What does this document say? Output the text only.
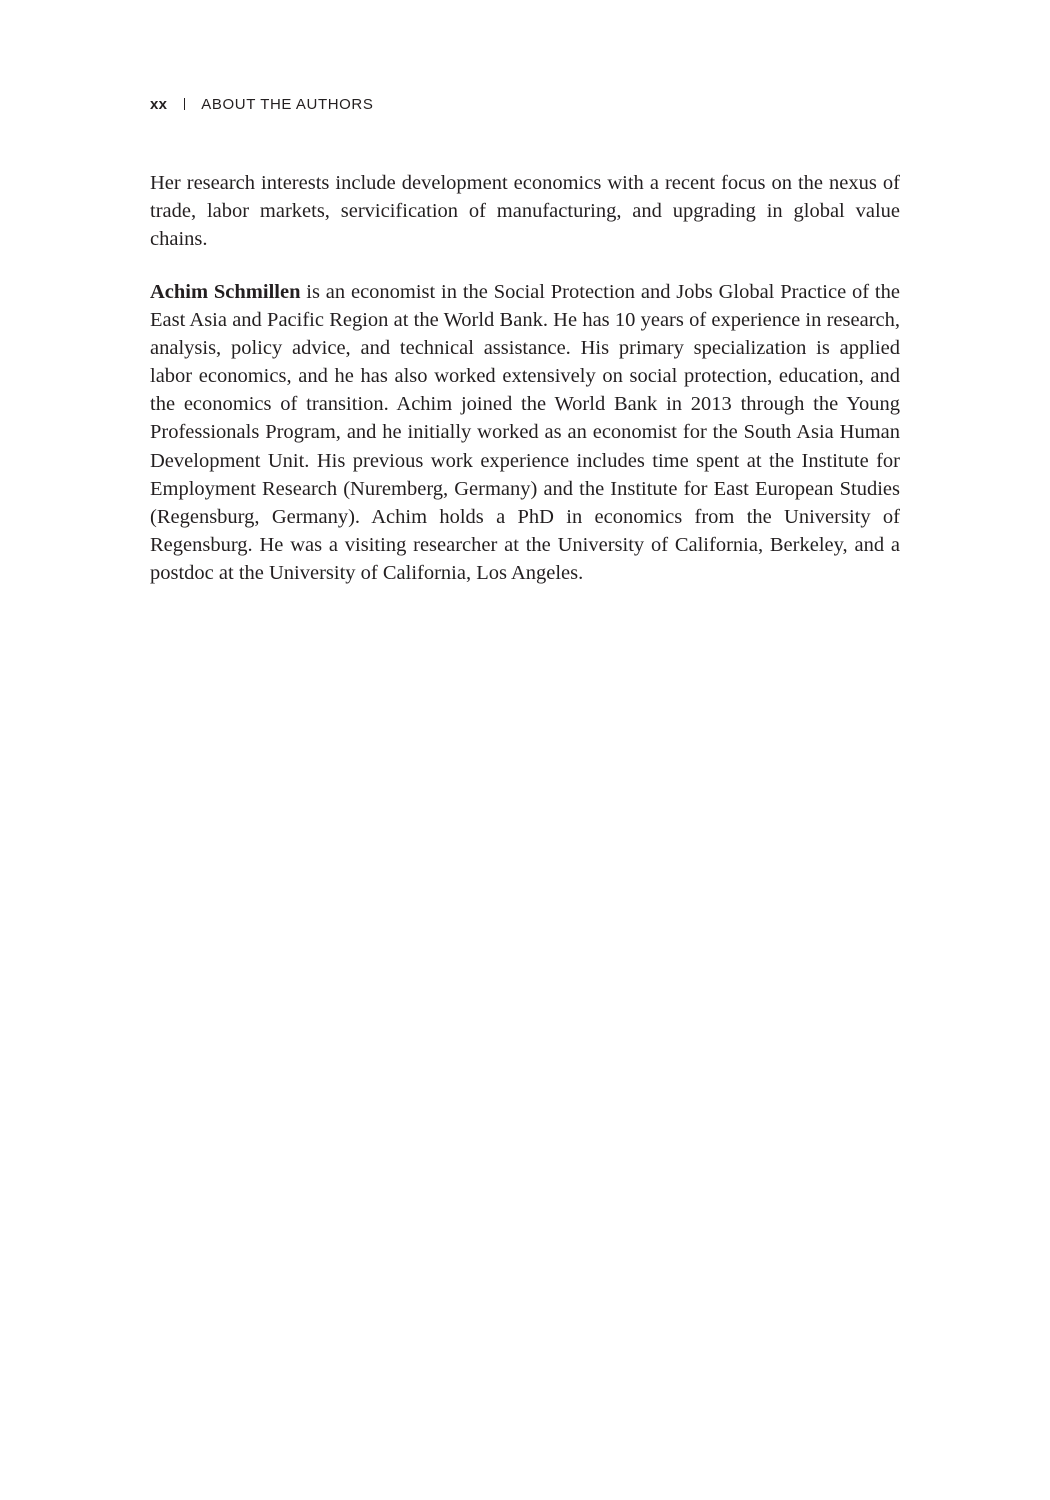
xx ABOUT THE AUTHORS

Her research interests include development economics with a recent focus on the nexus of trade, labor markets, servicification of manufacturing, and upgrading in global value chains.

Achim Schmillen is an economist in the Social Protection and Jobs Global Practice of the East Asia and Pacific Region at the World Bank. He has 10 years of experience in research, analysis, policy advice, and technical assistance. His primary specialization is applied labor economics, and he has also worked extensively on social protection, education, and the economics of transition. Achim joined the World Bank in 2013 through the Young Professionals Program, and he initially worked as an economist for the South Asia Human Development Unit. His previous work experience includes time spent at the Institute for Employment Research (Nuremberg, Germany) and the Institute for East European Studies (Regensburg, Germany). Achim holds a PhD in economics from the University of Regensburg. He was a visiting researcher at the University of California, Berkeley, and a postdoc at the University of California, Los Angeles.
